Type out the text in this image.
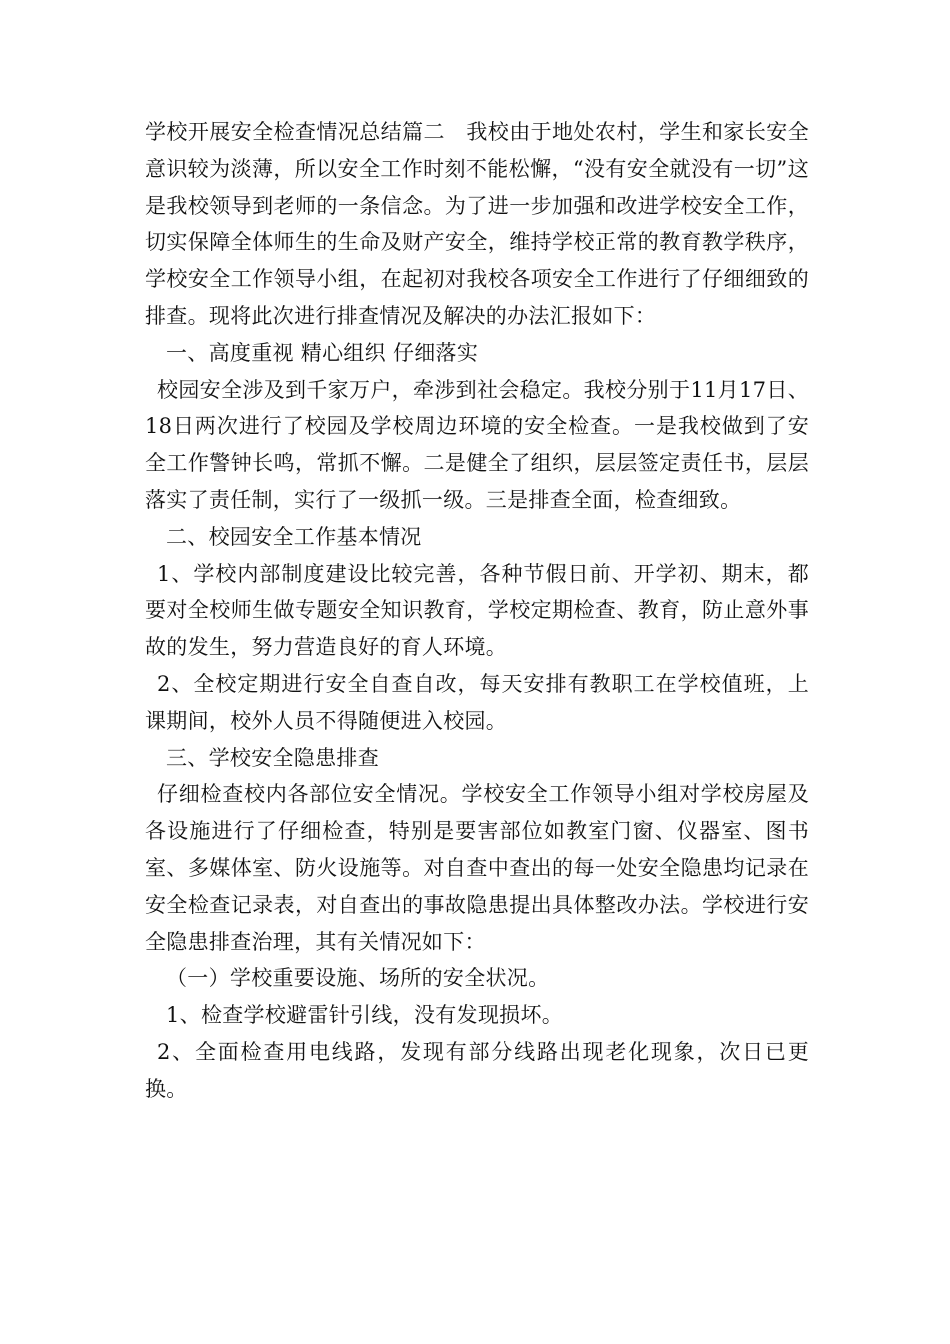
学校开展安全检查情况总结篇二　我校由于地处农村，学生和家长安全意识较为淡薄，所以安全工作时刻不能松懈，“没有安全就没有一切”这是我校领导到老师的一条信念。为了进一步加强和改进学校安全工作，切实保障全体师生的生命及财产安全，维持学校正常的教育教学秩序，学校安全工作领导小组，在起初对我校各项安全工作进行了仔细细致的排查。现将此次进行排查情况及解决的办法汇报如下：

一、高度重视 精心组织 仔细落实

校园安全涉及到千家万户，牵涉到社会稳定。我校分别于11月17日、18日两次进行了校园及学校周边环境的安全检查。一是我校做到了安全工作警钟长鸣，常抓不懈。二是健全了组织，层层签定责任书，层层落实了责任制，实行了一级抓一级。三是排查全面，检查细致。

二、校园安全工作基本情况

1、学校内部制度建设比较完善，各种节假日前、开学初、期末，都要对全校师生做专题安全知识教育，学校定期检查、教育，防止意外事故的发生，努力营造良好的育人环境。

2、全校定期进行安全自查自改，每天安排有教职工在学校值班，上课期间，校外人员不得随便进入校园。

三、学校安全隐患排查

仔细检查校内各部位安全情况。学校安全工作领导小组对学校房屋及各设施进行了仔细检查，特别是要害部位如教室门窗、仪器室、图书室、多媒体室、防火设施等。对自查中查出的每一处安全隐患均记录在安全检查记录表，对自查出的事故隐患提出具体整改办法。学校进行安全隐患排查治理，其有关情况如下：

（一）学校重要设施、场所的安全状况。

1、检查学校避雷针引线，没有发现损坏。

2、全面检查用电线路，发现有部分线路出现老化现象，次日已更换。
